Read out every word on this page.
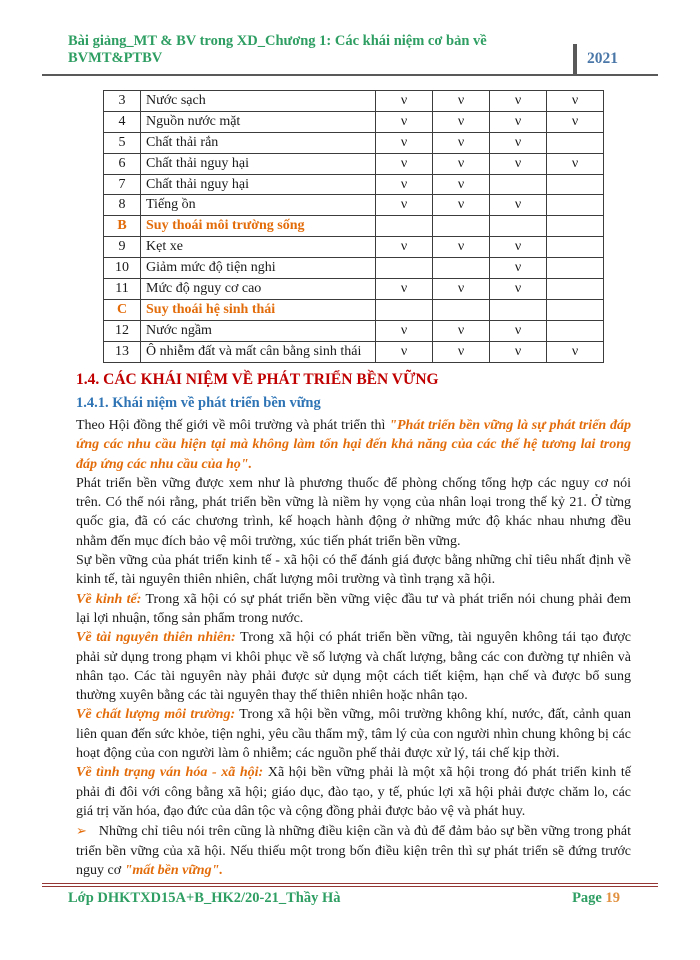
Bài giảng_MT & BV trong XD_Chương 1: Các khái niệm cơ bản về BVMT&PTBV	2021
3	Nước sạch	ν	ν	ν	ν
4	Nguồn nước mặt	ν	ν	ν	ν
5	Chất thải rắn	ν	ν	ν	
6	Chất thải nguy hại	ν	ν	ν	ν
7	Chất thải nguy hại	ν	ν		
8	Tiếng ồn	ν	ν	ν	
B	Suy thoái môi trường sống				
9	Kẹt xe	ν	ν	ν	
10	Giảm mức độ tiện nghi			ν	
11	Mức độ nguy cơ cao	ν	ν	ν	
C	Suy thoái hệ sinh thái				
12	Nước ngầm	ν	ν	ν	
13	Ô nhiễm đất và mất cân bằng sinh thái	ν	ν	ν	ν
1.4. CÁC KHÁI NIỆM VỀ PHÁT TRIỂN BỀN VỮNG
1.4.1. Khái niệm về phát triển bền vững

Theo Hội đồng thế giới về môi trường và phát triển thì "Phát triển bền vững là sự phát triển đáp ứng các nhu cầu hiện tại mà không làm tổn hại đến khả năng của các thế hệ tương lai trong đáp ứng các nhu cầu của họ".

Phát triển bền vững được xem như là phương thuốc để phòng chống tổng hợp các nguy cơ nói trên. Có thể nói rằng, phát triển bền vững là niềm hy vọng của nhân loại trong thế kỷ 21. Ở từng quốc gia, đã có các chương trình, kế hoạch hành động ở những mức độ khác nhau nhưng đều nhằm đến mục đích bảo vệ môi trường, xúc tiến phát triển bền vững.

Sự bền vững của phát triển kinh tế - xã hội có thể đánh giá được bằng những chỉ tiêu nhất định về kinh tế, tài nguyên thiên nhiên, chất lượng môi trường và tình trạng xã hội.

Về kinh tế: Trong xã hội có sự phát triển bền vững việc đầu tư và phát triển nói chung phải đem lại lợi nhuận, tổng sản phẩm trong nước.

Về tài nguyên thiên nhiên: Trong xã hội có phát triển bền vững, tài nguyên không tái tạo được phải sử dụng trong phạm vi khôi phục về số lượng và chất lượng, bằng các con đường tự nhiên và nhân tạo. Các tài nguyên này phải được sử dụng một cách tiết kiệm, hạn chế và được bổ sung thường xuyên bằng các tài nguyên thay thế thiên nhiên hoặc nhân tạo.

Về chất lượng môi trường: Trong xã hội bền vững, môi trường không khí, nước, đất, cảnh quan liên quan đến sức khỏe, tiện nghi, yêu cầu thẩm mỹ, tâm lý của con người nhìn chung không bị các hoạt động của con người làm ô nhiễm; các nguồn phế thải được xử lý, tái chế kịp thời.

Về tình trạng ván hóa - xã hội: Xã hội bền vững phải là một xã hội trong đó phát triển kinh tế phải đi đôi với công bằng xã hội; giáo dục, đào tạo, y tế, phúc lợi xã hội phải được chăm lo, các giá trị văn hóa, đạo đức của dân tộc và cộng đồng phải được bảo vệ và phát huy.

➢ Những chỉ tiêu nói trên cũng là những điều kiện cần và đủ để đảm bảo sự bền vững trong phát triển bền vững của xã hội. Nếu thiếu một trong bốn điều kiện trên thì sự phát triển sẽ đứng trước nguy cơ "mất bền vững".

Lớp DHKTXD15A+B_HK2/20-21_Thầy Hà	Page 19
